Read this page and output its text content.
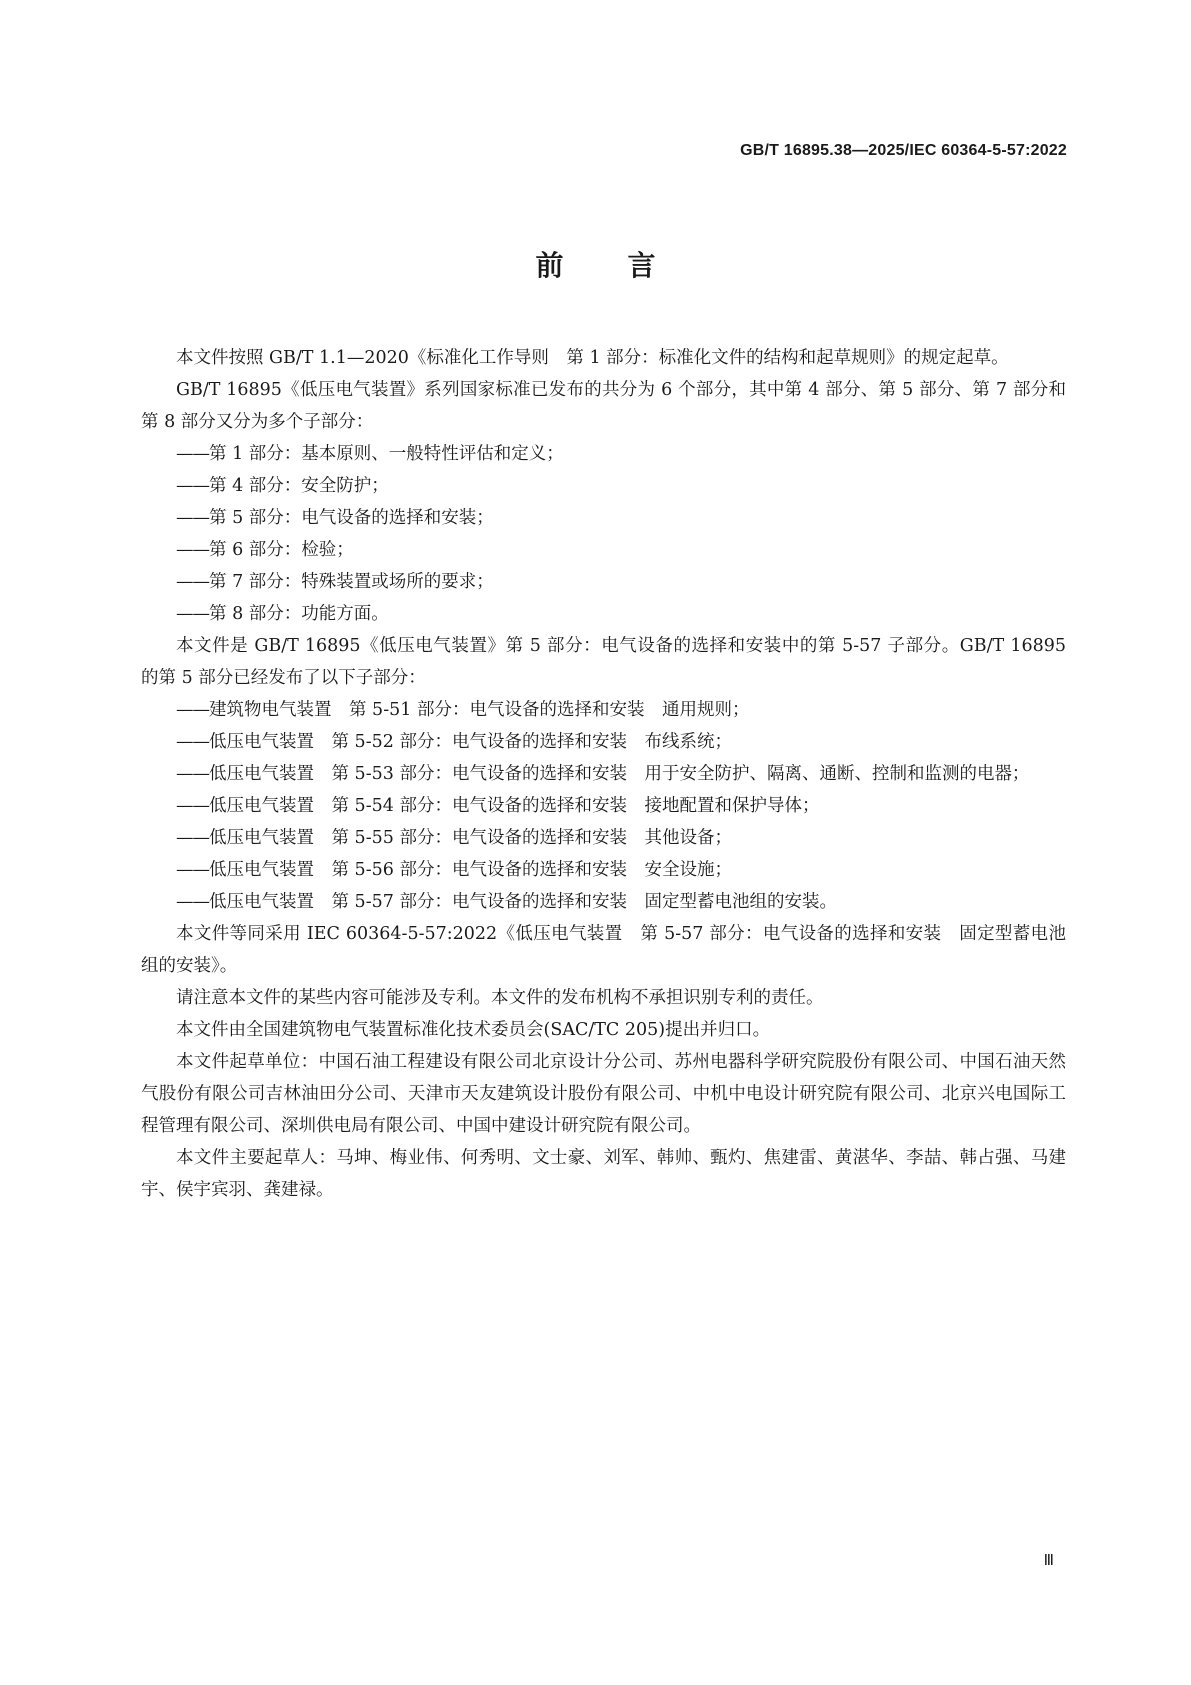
GB/T 16895.38—2025/IEC 60364-5-57:2022
前 言

本文件按照 GB/T 1.1—2020《标准化工作导则　第 1 部分：标准化文件的结构和起草规则》的规定起草。

GB/T 16895《低压电气装置》系列国家标准已发布的共分为 6 个部分，其中第 4 部分、第 5 部分、第 7 部分和第 8 部分又分为多个子部分：

——第 1 部分：基本原则、一般特性评估和定义；

——第 4 部分：安全防护；

——第 5 部分：电气设备的选择和安装；

——第 6 部分：检验；

——第 7 部分：特殊装置或场所的要求；

——第 8 部分：功能方面。

本文件是 GB/T 16895《低压电气装置》第 5 部分：电气设备的选择和安装中的第 5-57 子部分。GB/T 16895 的第 5 部分已经发布了以下子部分：

——建筑物电气装置　第 5-51 部分：电气设备的选择和安装　通用规则；

——低压电气装置　第 5-52 部分：电气设备的选择和安装　布线系统；

——低压电气装置　第 5-53 部分：电气设备的选择和安装　用于安全防护、隔离、通断、控制和监测的电器；

——低压电气装置　第 5-54 部分：电气设备的选择和安装　接地配置和保护导体；

——低压电气装置　第 5-55 部分：电气设备的选择和安装　其他设备；

——低压电气装置　第 5-56 部分：电气设备的选择和安装　安全设施；

——低压电气装置　第 5-57 部分：电气设备的选择和安装　固定型蓄电池组的安装。

本文件等同采用 IEC 60364-5-57:2022《低压电气装置　第 5-57 部分：电气设备的选择和安装　固定型蓄电池组的安装》。

请注意本文件的某些内容可能涉及专利。本文件的发布机构不承担识别专利的责任。

本文件由全国建筑物电气装置标准化技术委员会(SAC/TC 205)提出并归口。

本文件起草单位：中国石油工程建设有限公司北京设计分公司、苏州电器科学研究院股份有限公司、中国石油天然气股份有限公司吉林油田分公司、天津市天友建筑设计股份有限公司、中机中电设计研究院有限公司、北京兴电国际工程管理有限公司、深圳供电局有限公司、中国中建设计研究院有限公司。

本文件主要起草人：马坤、梅业伟、何秀明、文士豪、刘军、韩帅、甄灼、焦建雷、黄湛华、李喆、韩占强、马建宇、侯宇宾羽、龚建禄。

Ⅲ
